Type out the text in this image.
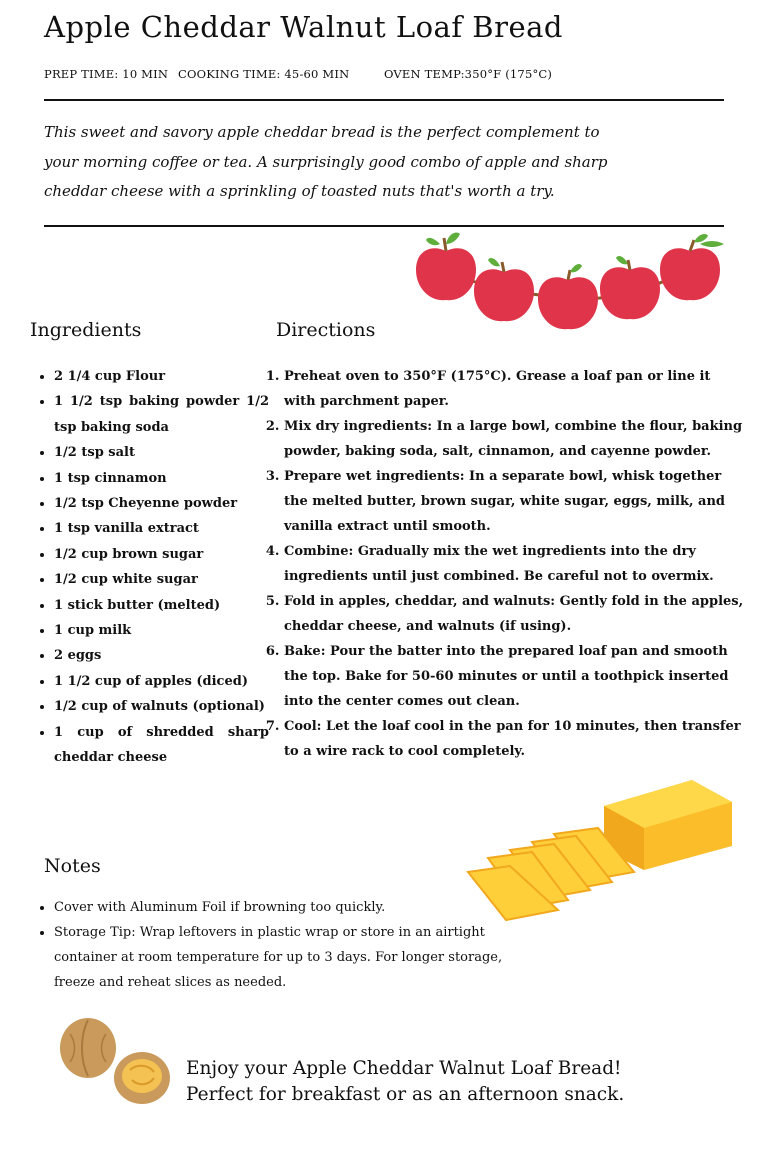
Apple Cheddar Walnut Loaf Bread
PREP TIME: 10 MIN COOKING TIME: 45-60 MIN	OVEN TEMP:350°F (175°C)

This sweet and savory apple cheddar bread is the perfect complement to your morning coffee or tea. A surprisingly good combo of apple and sharp cheddar cheese with a sprinkling of toasted nuts that's worth a try.

Ingredients	Directions
• 2 1/4 cup Flour
• 1 1/2 tsp baking powder 1/2 tsp baking soda
• 1/2 tsp salt
• 1 tsp cinnamon
• 1/2 tsp Cheyenne powder
• 1 tsp vanilla extract
• 1/2 cup brown sugar
• 1/2 cup white sugar
• 1 stick butter (melted)
• 1 cup milk
• 2 eggs
• 1 1/2 cup of apples (diced)
• 1/2 cup of walnuts (optional)
• 1 cup of shredded sharp cheddar cheese
1. Preheat oven to 350°F (175°C). Grease a loaf pan or line it with parchment paper.
2. Mix dry ingredients: In a large bowl, combine the flour, baking powder, baking soda, salt, cinnamon, and cayenne powder.
3. Prepare wet ingredients: In a separate bowl, whisk together the melted butter, brown sugar, white sugar, eggs, milk, and vanilla extract until smooth.
4. Combine: Gradually mix the wet ingredients into the dry ingredients until just combined. Be careful not to overmix.
5. Fold in apples, cheddar, and walnuts: Gently fold in the apples, cheddar cheese, and walnuts (if using).
6. Bake: Pour the batter into the prepared loaf pan and smooth the top. Bake for 50-60 minutes or until a toothpick inserted into the center comes out clean.
7. Cool: Let the loaf cool in the pan for 10 minutes, then transfer to a wire rack to cool completely.
Notes
• Cover with Aluminum Foil if browning too quickly.
• Storage Tip: Wrap leftovers in plastic wrap or store in an airtight container at room temperature for up to 3 days. For longer storage, freeze and reheat slices as needed.
Enjoy your Apple Cheddar Walnut Loaf Bread!
Perfect for breakfast or as an afternoon snack.
